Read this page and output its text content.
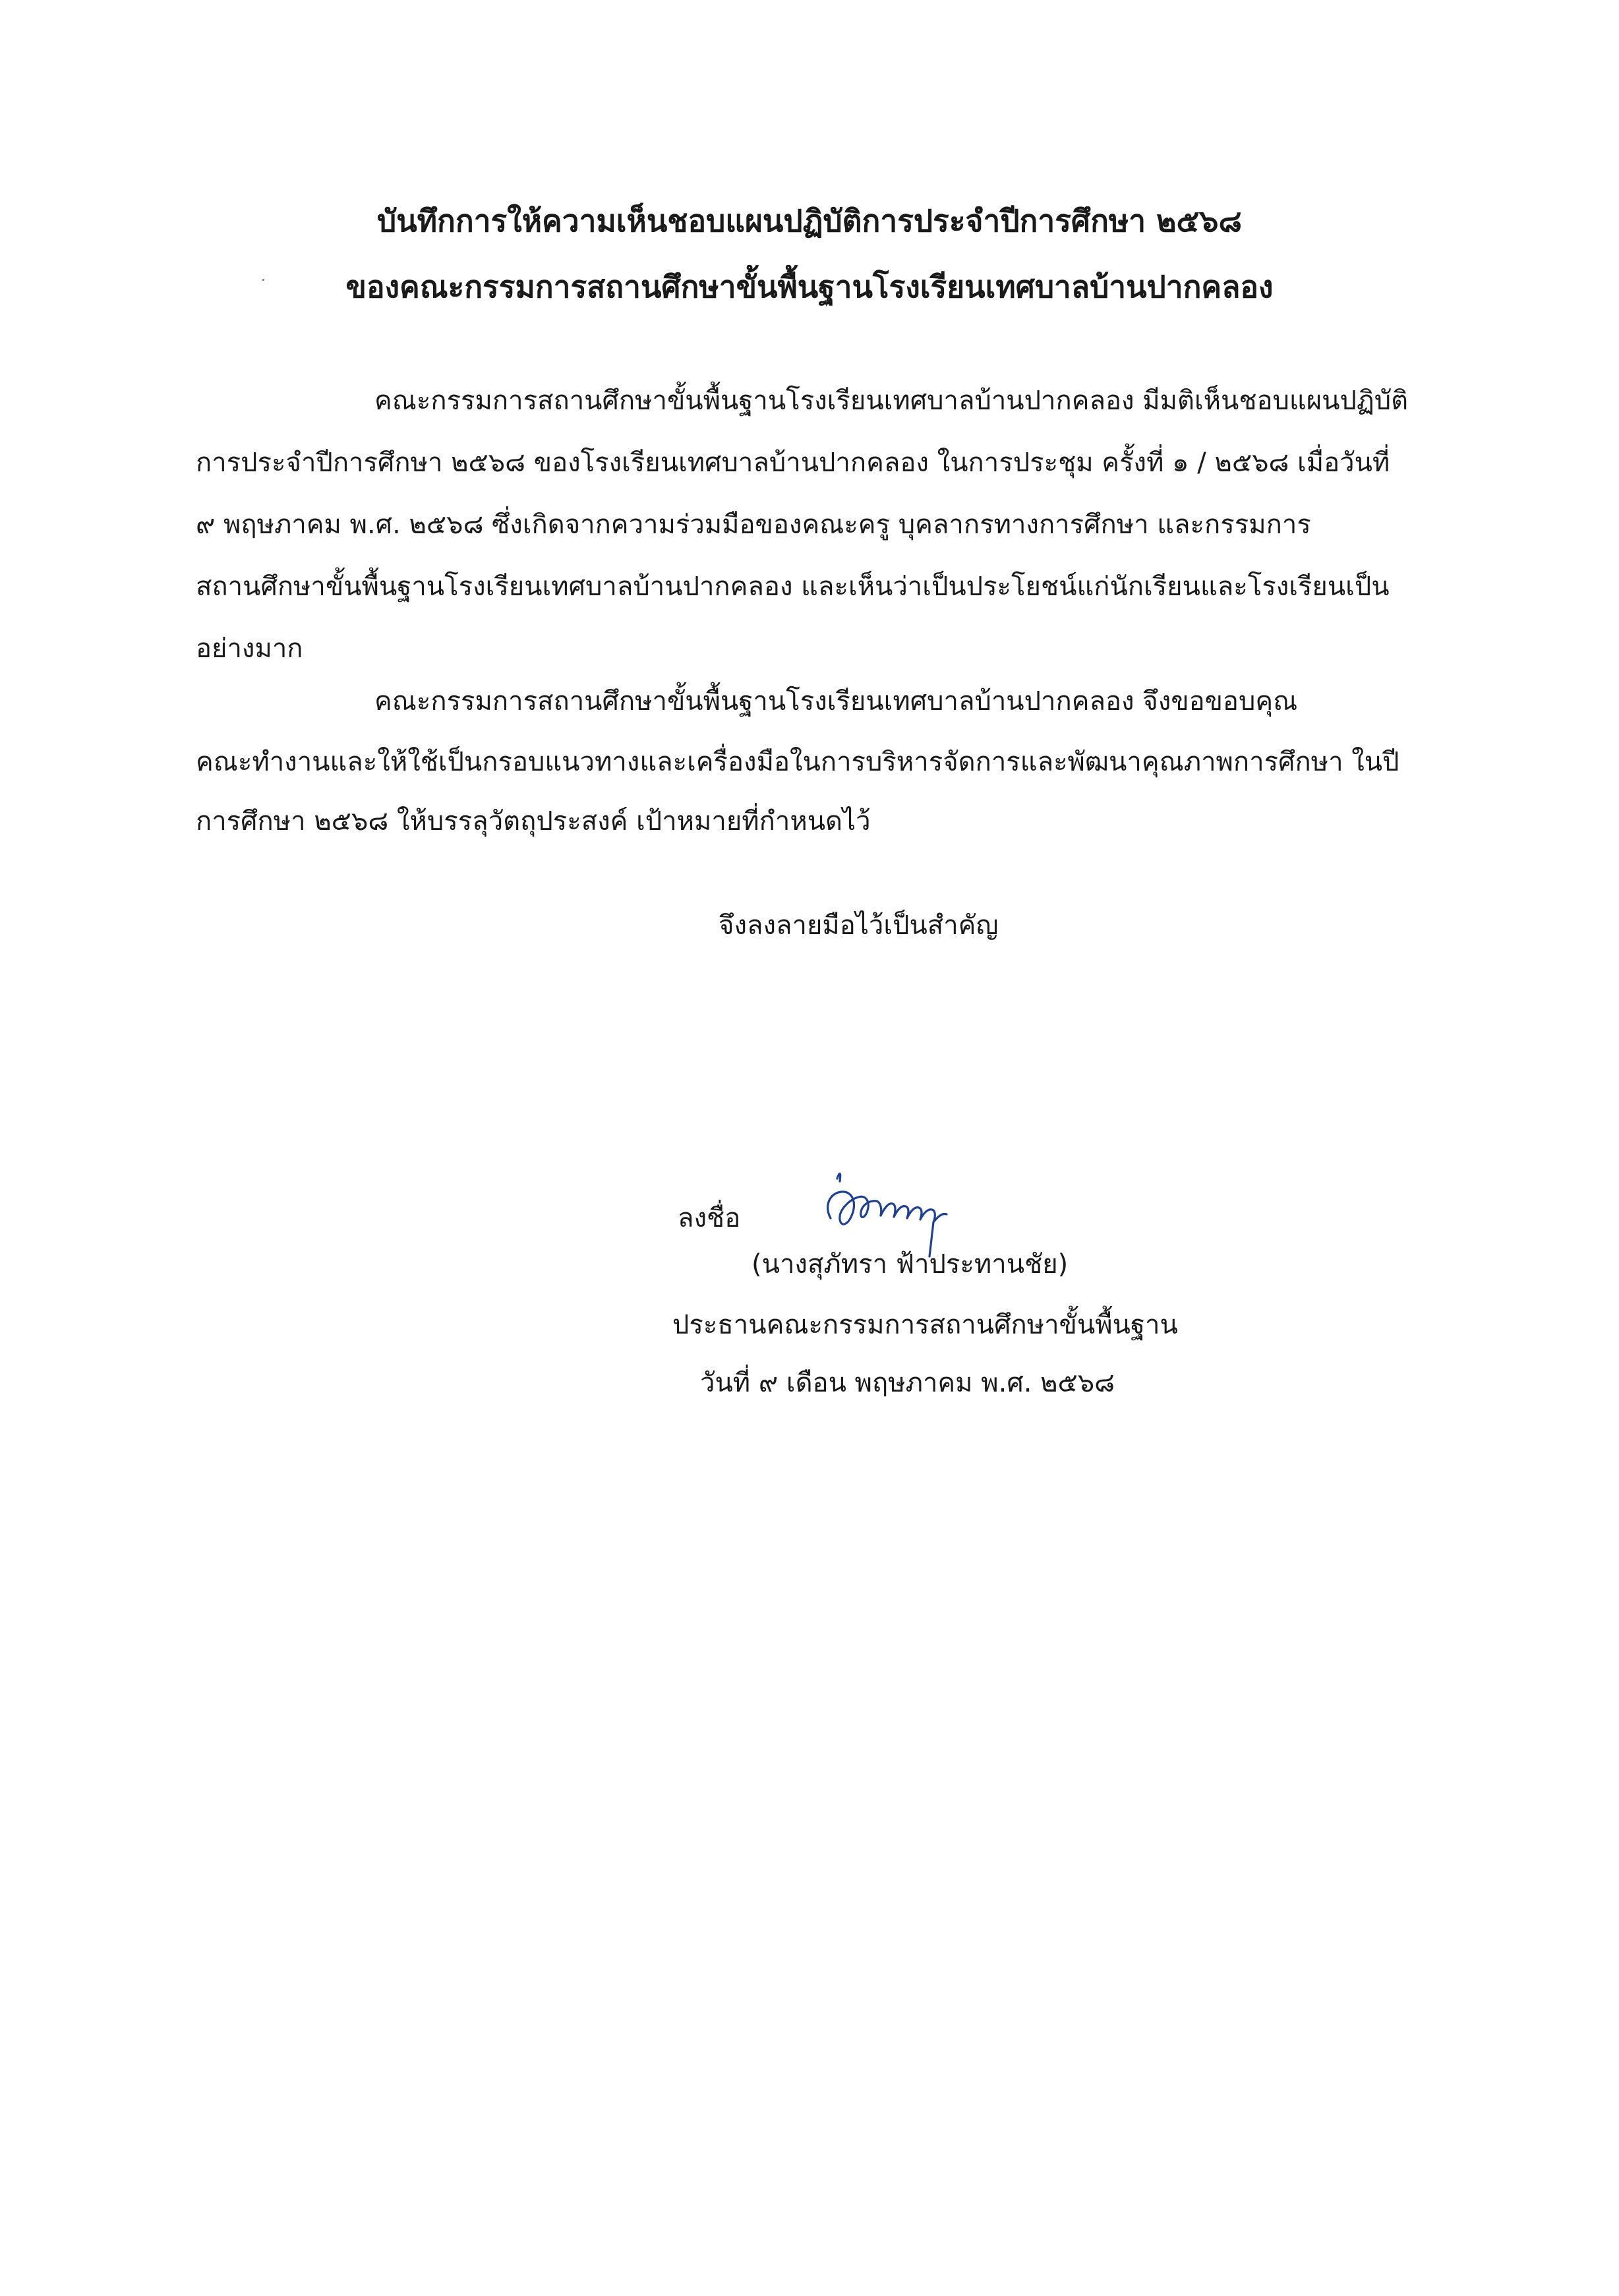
บันทึกการให้ความเห็นชอบแผนปฏิบัติการประจำปีการศึกษา ๒๕๖๘
ของคณะกรรมการสถานศึกษาขั้นพื้นฐานโรงเรียนเทศบาลบ้านปากคลอง
คณะกรรมการสถานศึกษาขั้นพื้นฐานโรงเรียนเทศบาลบ้านปากคลอง มีมติเห็นชอบแผนปฏิบัติ
การประจำปีการศึกษา ๒๕๖๘ ของโรงเรียนเทศบาลบ้านปากคลอง ในการประชุม ครั้งที่ ๑ / ๒๕๖๘ เมื่อวันที่
๙ พฤษภาคม พ.ศ. ๒๕๖๘ ซึ่งเกิดจากความร่วมมือของคณะครู บุคลากรทางการศึกษา และกรรมการ
สถานศึกษาขั้นพื้นฐานโรงเรียนเทศบาลบ้านปากคลอง และเห็นว่าเป็นประโยชน์แก่นักเรียนและโรงเรียนเป็น
อย่างมาก
คณะกรรมการสถานศึกษาขั้นพื้นฐานโรงเรียนเทศบาลบ้านปากคลอง จึงขอขอบคุณ
คณะทำงานและให้ใช้เป็นกรอบแนวทางและเครื่องมือในการบริหารจัดการและพัฒนาคุณภาพการศึกษา ในปี
การศึกษา ๒๕๖๘ ให้บรรลุวัตถุประสงค์ เป้าหมายที่กำหนดไว้
จึงลงลายมือไว้เป็นสำคัญ
ลงชื่อ
(นางสุภัทรา ฟ้าประทานชัย)
ประธานคณะกรรมการสถานศึกษาขั้นพื้นฐาน
วันที่ ๙ เดือน พฤษภาคม พ.ศ. ๒๕๖๘
